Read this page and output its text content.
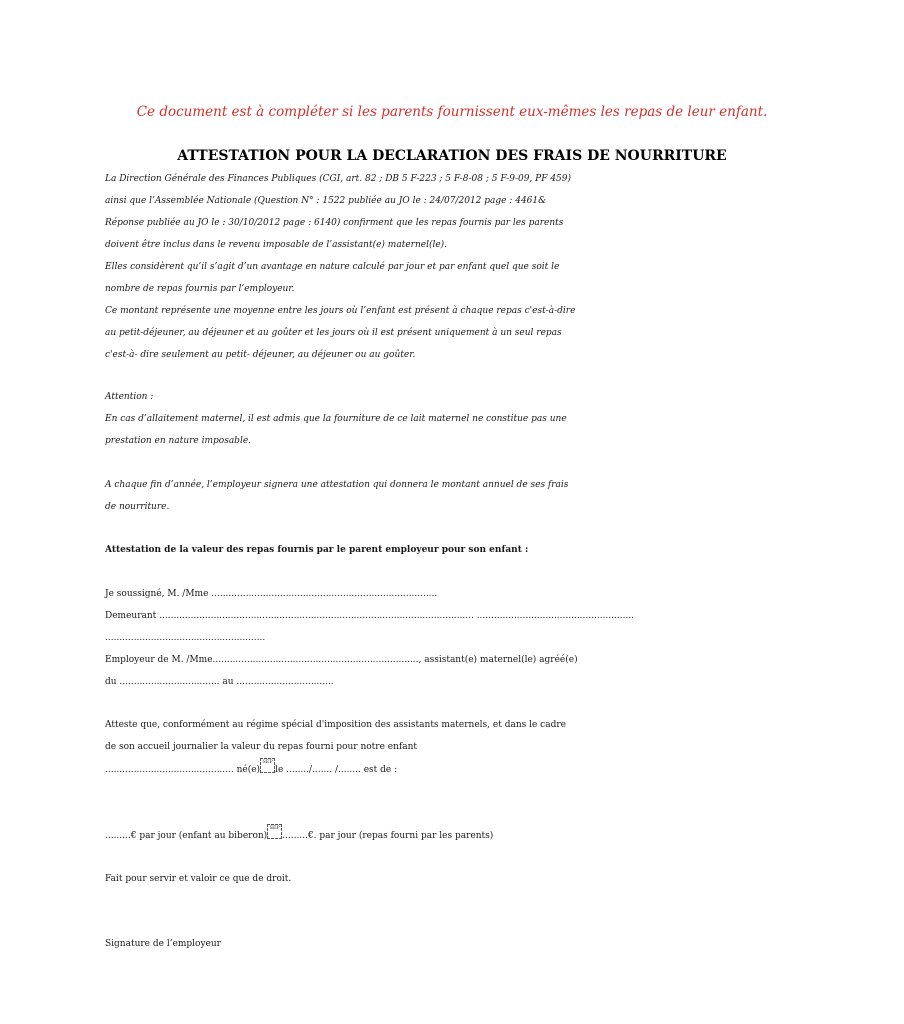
Ce document est à compléter si les parents fournissent eux-mêmes les repas de leur enfant.
ATTESTATION POUR LA DECLARATION DES FRAIS DE NOURRITURE
La Direction Générale des Finances Publiques (CGI, art. 82 ; DB 5 F-223 ; 5 F-8-08 ; 5 F-9-09, PF 459)
ainsi que l’Assemblée Nationale (Question N° : 1522 publiée au JO le : 24/07/2012 page : 4461&
Réponse publiée au JO le : 30/10/2012 page : 6140) confirment que les repas fournis par les parents
doivent être inclus dans le revenu imposable de l’assistant(e) maternel(le).
Elles considèrent qu’il s’agit d’un avantage en nature calculé par jour et par enfant quel que soit le
nombre de repas fournis par l’employeur.
Ce montant représente une moyenne entre les jours où l’enfant est présent à chaque repas c'est-à-dire
au petit-déjeuner, au déjeuner et au goûter et les jours où il est présent uniquement à un seul repas
c'est-à- dire seulement au petit- déjeuner, au déjeuner ou au goûter.
Attention :
En cas d’allaitement maternel, il est admis que la fourniture de ce lait maternel ne constitue pas une
prestation en nature imposable.
A chaque fin d’année, l’employeur signera une attestation qui donnera le montant annuel de ses frais
de nourriture.
Attestation de la valeur des repas fournis par le parent employeur pour son enfant :
Je soussigné, M. /Mme ...............................................................................
Demeurant .............................................................................................................. .......................................................
........................................................
Employeur de M. /Mme........................................................................, assistant(e) maternel(le) agréé(e)
du ................................... au ..................................
Atteste que, conformément au régime spécial d'imposition des assistants maternels, et dans le cadre
de son accueil journalier la valeur du repas fourni pour notre enfant
............................................. né(e)SEPle ......../....... /........ est de :
.........€ par jour (enfant au biberon)SEP.........€. par jour (repas fourni par les parents)
Fait pour servir et valoir ce que de droit.
Signature de l’employeur
